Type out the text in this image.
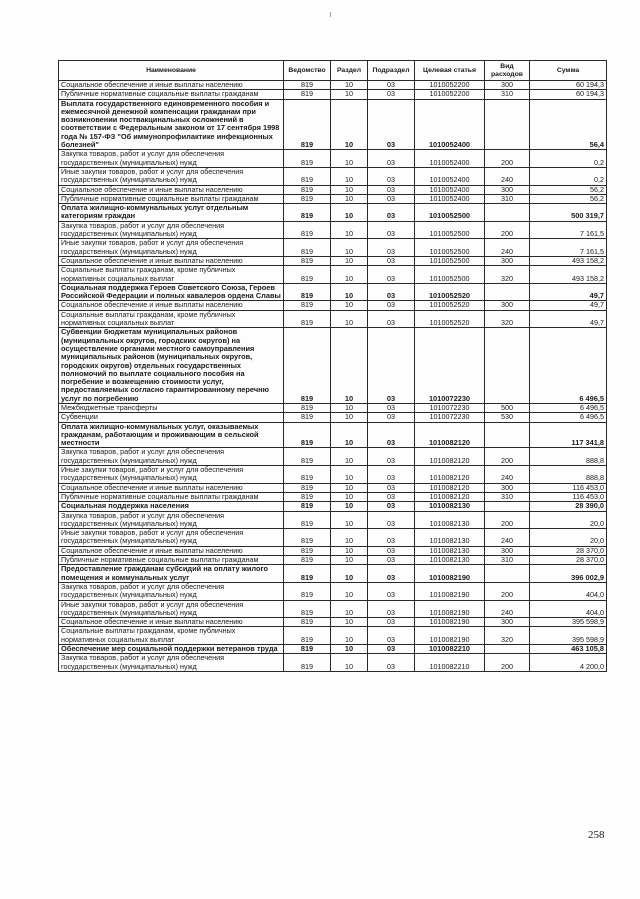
Наименование	Ведомство	Раздел	Подраздел	Целевая статья	Вид расходов	Сумма
Социальное обеспечение и иные выплаты населению	819	10	03	1010052200	300	60 194,3
Публичные нормативные социальные выплаты гражданам	819	10	03	1010052200	310	60 194,3
Выплата государственного единовременного пособия и ежемесячной денежной компенсации гражданам при возникновении поствакцинальных осложнений в соответствии с Федеральным законом от 17 сентября 1998 года № 157-ФЗ "Об иммунопрофилактике инфекционных болезней"	819	10	03	1010052400		56,4
Закупка товаров, работ и услуг для обеспечения государственных (муниципальных) нужд	819	10	03	1010052400	200	0,2
Иные закупки товаров, работ и услуг для обеспечения государственных (муниципальных) нужд	819	10	03	1010052400	240	0,2
Социальное обеспечение и иные выплаты населению	819	10	03	1010052400	300	56,2
Публичные нормативные социальные выплаты гражданам	819	10	03	1010052400	310	56,2
Оплата жилищно-коммунальных услуг отдельным категориям граждан	819	10	03	1010052500		500 319,7
Закупка товаров, работ и услуг для обеспечения государственных (муниципальных) нужд	819	10	03	1010052500	200	7 161,5
Иные закупки товаров, работ и услуг для обеспечения государственных (муниципальных) нужд	819	10	03	1010052500	240	7 161,5
Социальное обеспечение и иные выплаты населению	819	10	03	1010052500	300	493 158,2
Социальные выплаты гражданам, кроме публичных нормативных социальных выплат	819	10	03	1010052500	320	493 158,2
Социальная поддержка Героев Советского Союза, Героев Российской Федерации и полных кавалеров ордена Славы	819	10	03	1010052520		49,7
Социальное обеспечение и иные выплаты населению	819	10	03	1010052520	300	49,7
Социальные выплаты гражданам, кроме публичных нормативных социальных выплат	819	10	03	1010052520	320	49,7
Субвенции бюджетам муниципальных районов (муниципальных округов, городских округов) на осуществление органами местного самоуправления муниципальных районов (муниципальных округов, городских округов) отдельных государственных полномочий по выплате социального пособия на погребение и возмещению стоимости услуг, предоставляемых согласно гарантированному перечню услуг по погребению	819	10	03	1010072230		6 496,5
Межбюджетные трансферты	819	10	03	1010072230	500	6 496,5
Субвенции	819	10	03	1010072230	530	6 496,5
Оплата жилищно-коммунальных услуг, оказываемых гражданам, работающим и проживающим в сельской местности	819	10	03	1010082120		117 341,8
Закупка товаров, работ и услуг для обеспечения государственных (муниципальных) нужд	819	10	03	1010082120	200	888,8
Иные закупки товаров, работ и услуг для обеспечения государственных (муниципальных) нужд	819	10	03	1010082120	240	888,8
Социальное обеспечение и иные выплаты населению	819	10	03	1010082120	300	116 453,0
Публичные нормативные социальные выплаты гражданам	819	10	03	1010082120	310	116 453,0
Социальная поддержка населения	819	10	03	1010082130		28 390,0
Закупка товаров, работ и услуг для обеспечения государственных (муниципальных) нужд	819	10	03	1010082130	200	20,0
Иные закупки товаров, работ и услуг для обеспечения государственных (муниципальных) нужд	819	10	03	1010082130	240	20,0
Социальное обеспечение и иные выплаты населению	819	10	03	1010082130	300	28 370,0
Публичные нормативные социальные выплаты гражданам	819	10	03	1010082130	310	28 370,0
Предоставление гражданам субсидий на оплату жилого помещения и коммунальных услуг	819	10	03	1010082190		396 002,9
Закупка товаров, работ и услуг для обеспечения государственных (муниципальных) нужд	819	10	03	1010082190	200	404,0
Иные закупки товаров, работ и услуг для обеспечения государственных (муниципальных) нужд	819	10	03	1010082190	240	404,0
Социальное обеспечение и иные выплаты населению	819	10	03	1010082190	300	395 598,9
Социальные выплаты гражданам, кроме публичных нормативных социальных выплат	819	10	03	1010082190	320	395 598,9
Обеспечение мер социальной поддержки ветеранов труда	819	10	03	1010082210		463 105,8
Закупка товаров, работ и услуг для обеспечения государственных (муниципальных) нужд	819	10	03	1010082210	200	4 200,0
258
